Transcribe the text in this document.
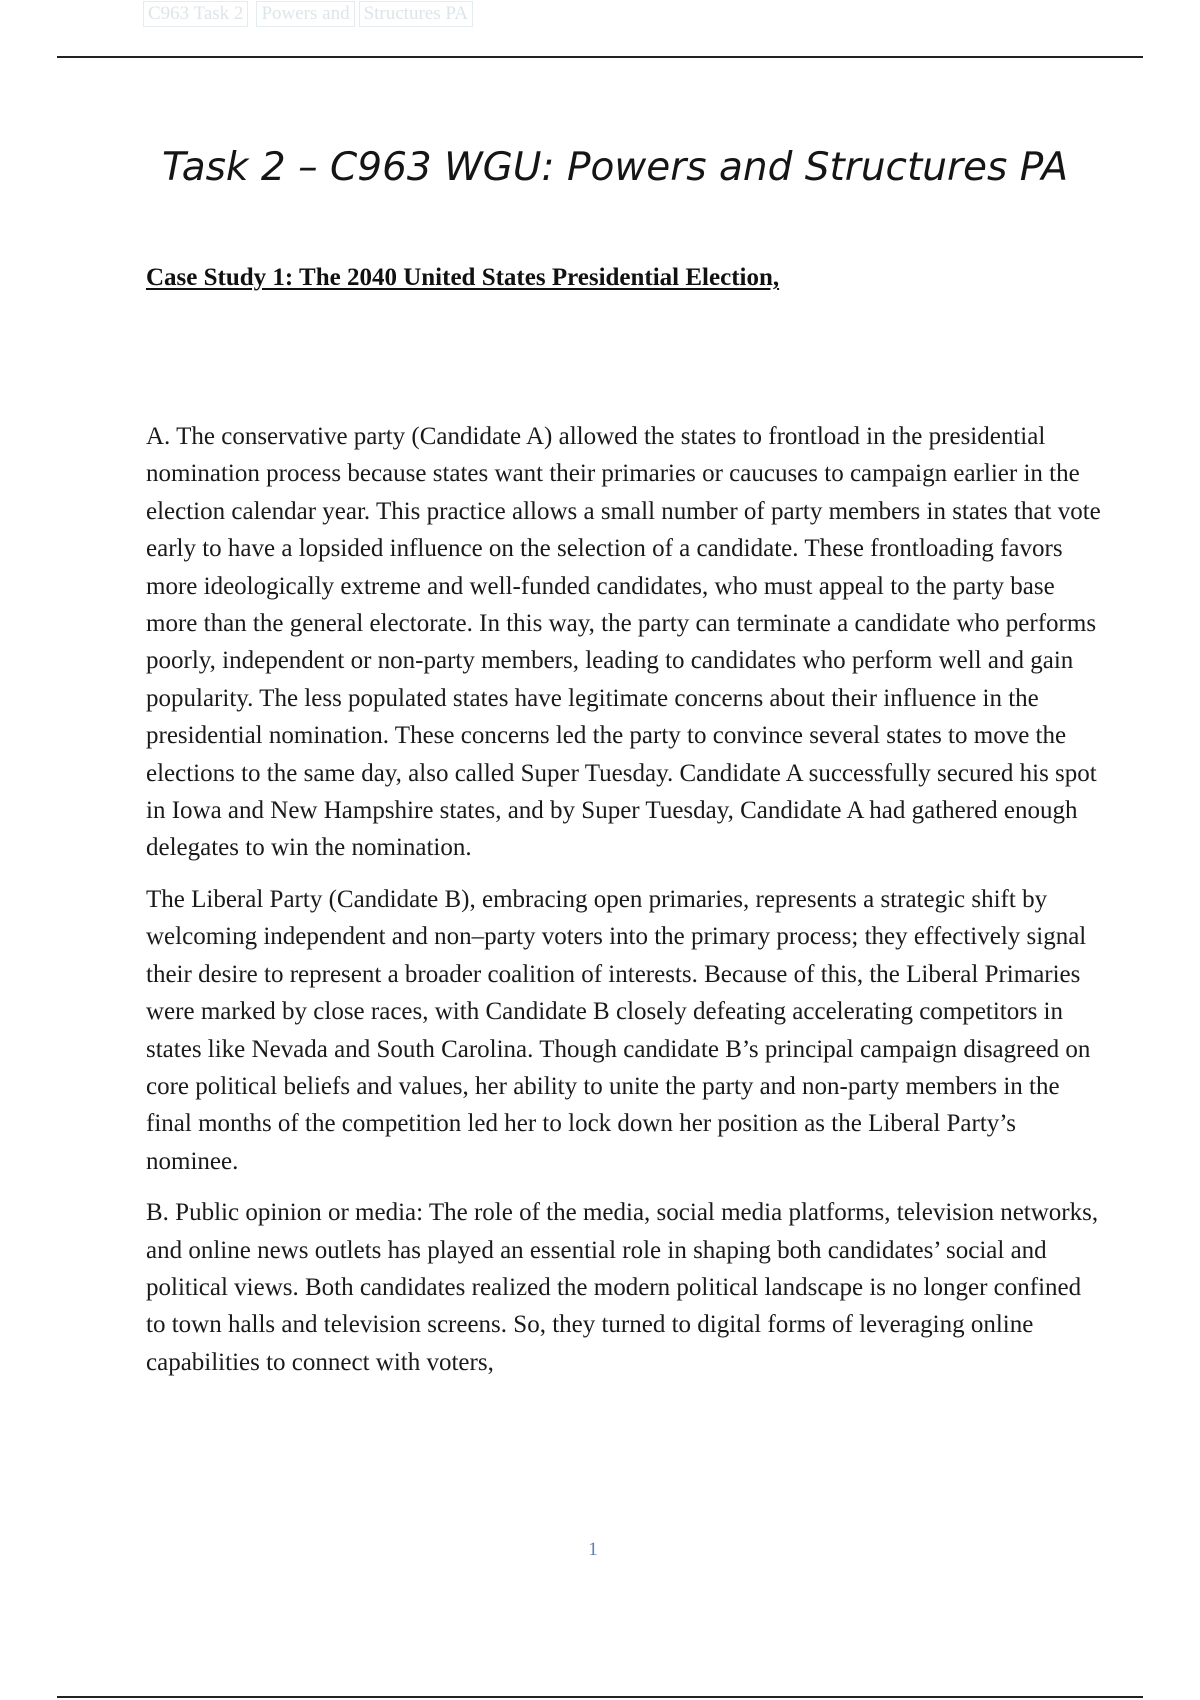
C963 Task 2 Powers and Structures PA
Task 2 – C963 WGU: Powers and Structures PA
Case Study 1: The 2040 United States Presidential Election,

A. The conservative party (Candidate A) allowed the states to frontload in the presidential nomination process because states want their primaries or caucuses to campaign earlier in the election calendar year. This practice allows a small number of party members in states that vote early to have a lopsided influence on the selection of a candidate. These frontloading favors more ideologically extreme and well-funded candidates, who must appeal to the party base more than the general electorate. In this way, the party can terminate a candidate who performs poorly, independent or non-party members, leading to candidates who perform well and gain popularity. The less populated states have legitimate concerns about their influence in the presidential nomination. These concerns led the party to convince several states to move the elections to the same day, also called Super Tuesday. Candidate A successfully secured his spot in Iowa and New Hampshire states, and by Super Tuesday, Candidate A had gathered enough delegates to win the nomination.

The Liberal Party (Candidate B), embracing open primaries, represents a strategic shift by welcoming independent and non–party voters into the primary process; they effectively signal their desire to represent a broader coalition of interests. Because of this, the Liberal Primaries were marked by close races, with Candidate B closely defeating accelerating competitors in states like Nevada and South Carolina. Though candidate B’s principal campaign disagreed on core political beliefs and values, her ability to unite the party and non-party members in the final months of the competition led her to lock down her position as the Liberal Party’s nominee.

B. Public opinion or media: The role of the media, social media platforms, television networks, and online news outlets has played an essential role in shaping both candidates’ social and political views. Both candidates realized the modern political landscape is no longer confined to town halls and television screens. So, they turned to digital forms of leveraging online capabilities to connect with voters,

1
